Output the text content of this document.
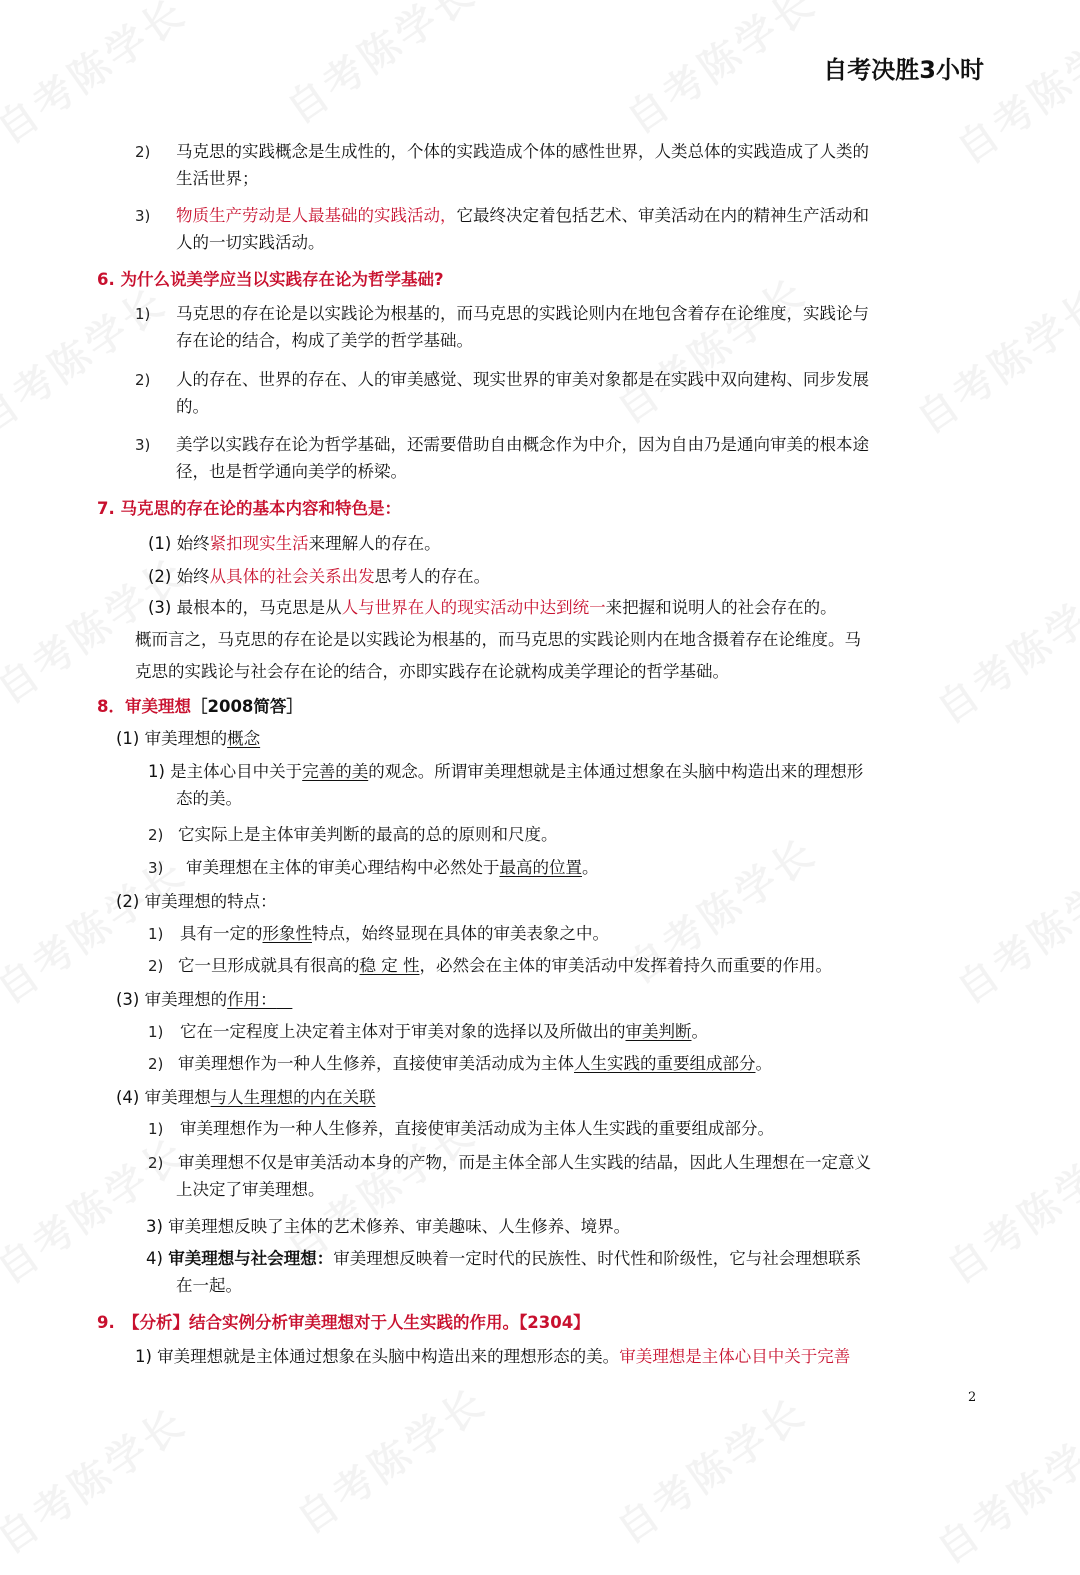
自考决胜3小时
2) 马克思的实践概念是生成性的，个体的实践造成个体的感性世界，人类总体的实践造成了人类的
生活世界；
3) 物质生产劳动是人最基础的实践活动，它最终决定着包括艺术、审美活动在内的精神生产活动和
人的一切实践活动。
6. 为什么说美学应当以实践存在论为哲学基础?
1) 马克思的存在论是以实践论为根基的，而马克思的实践论则内在地包含着存在论维度，实践论与
存在论的结合，构成了美学的哲学基础。
2) 人的存在、世界的存在、人的审美感觉、现实世界的审美对象都是在实践中双向建构、同步发展
的。
3) 美学以实践存在论为哲学基础，还需要借助自由概念作为中介，因为自由乃是通向审美的根本途
径，也是哲学通向美学的桥梁。
7. 马克思的存在论的基本内容和特色是：
(1) 始终紧扣现实生活来理解人的存在。
(2) 始终从具体的社会关系出发思考人的存在。
(3) 最根本的，马克思是从人与世界在人的现实活动中达到统一来把握和说明人的社会存在的。
概而言之，马克思的存在论是以实践论为根基的，而马克思的实践论则内在地含摄着存在论维度。马
克思的实践论与社会存在论的结合，亦即实践存在论就构成美学理论的哲学基础。
8．审美理想［2008简答］
(1) 审美理想的概念
1) 是主体心目中关于完善的美的观念。所谓审美理想就是主体通过想象在头脑中构造出来的理想形
态的美。
2) 它实际上是主体审美判断的最高的总的原则和尺度。
3) 审美理想在主体的审美心理结构中必然处于最高的位置。
(2) 审美理想的特点：
1) 具有一定的形象性特点，始终显现在具体的审美表象之中。
2) 它一旦形成就具有很高的稳 定 性，必然会在主体的审美活动中发挥着持久而重要的作用。
(3) 审美理想的作用：
1) 它在一定程度上决定着主体对于审美对象的选择以及所做出的审美判断。
2) 审美理想作为一种人生修养，直接使审美活动成为主体人生实践的重要组成部分。
(4) 审美理想与人生理想的内在关联
1) 审美理想作为一种人生修养，直接使审美活动成为主体人生实践的重要组成部分。
2) 审美理想不仅是审美活动本身的产物，而是主体全部人生实践的结晶，因此人生理想在一定意义
上决定了审美理想。
3) 审美理想反映了主体的艺术修养、审美趣味、人生修养、境界。
4) 审美理想与社会理想：审美理想反映着一定时代的民族性、时代性和阶级性，它与社会理想联系
在一起。
9.　【分析】结合实例分析审美理想对于人生实践的作用。【2304】
1) 审美理想就是主体通过想象在头脑中构造出来的理想形态的美。审美理想是主体心目中关于完善
2
